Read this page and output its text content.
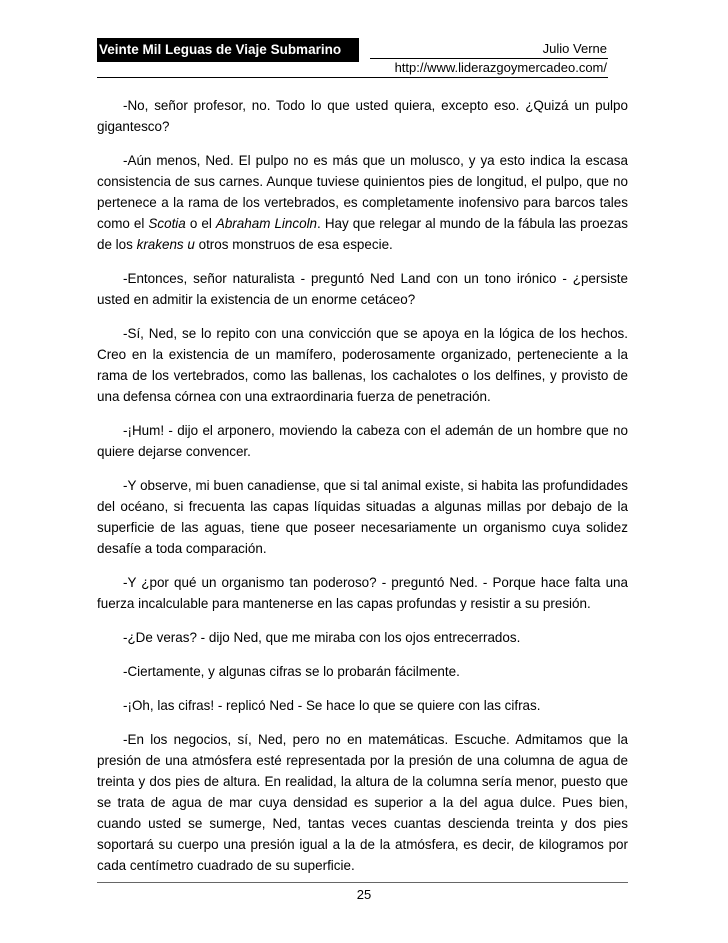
Veinte Mil Leguas de Viaje Submarino	Julio Verne
http://www.liderazgoymercadeo.com/

-No, señor profesor, no. Todo lo que usted quiera, excepto eso. ¿Quizá un pulpo gigantesco?

-Aún menos, Ned. El pulpo no es más que un molusco, y ya esto indica la escasa consistencia de sus carnes. Aunque tuviese quinientos pies de longitud, el pulpo, que no pertenece a la rama de los vertebrados, es completamente inofensivo para barcos tales como el Scotia o el Abraham Lincoln. Hay que relegar al mundo de la fábula las proezas de los krakens u otros monstruos de esa especie.

-Entonces, señor naturalista - preguntó Ned Land con un tono irónico - ¿persiste usted en admitir la existencia de un enorme cetáceo?

-Sí, Ned, se lo repito con una convicción que se apoya en la lógica de los hechos. Creo en la existencia de un mamífero, poderosamente organizado, perteneciente a la rama de los vertebrados, como las ballenas, los cachalotes o los delfines, y provisto de una defensa córnea con una extraordinaria fuerza de penetración.

-¡Hum! - dijo el arponero, moviendo la cabeza con el ademán de un hombre que no quiere dejarse convencer.

-Y observe, mi buen canadiense, que si tal animal existe, si habita las profundidades del océano, si frecuenta las capas líquidas situadas a algunas millas por debajo de la superficie de las aguas, tiene que poseer necesariamente un organismo cuya solidez desafíe a toda comparación.

-Y ¿por qué un organismo tan poderoso? - preguntó Ned. - Porque hace falta una fuerza incalculable para mantenerse en las capas profundas y resistir a su presión.

-¿De veras? - dijo Ned, que me miraba con los ojos entrecerrados.

-Ciertamente, y algunas cifras se lo probarán fácilmente.

-¡Oh, las cifras! - replicó Ned - Se hace lo que se quiere con las cifras.

-En los negocios, sí, Ned, pero no en matemáticas. Escuche. Admitamos que la presión de una atmósfera esté representada por la presión de una columna de agua de treinta y dos pies de altura. En realidad, la altura de la columna sería menor, puesto que se trata de agua de mar cuya densidad es superior a la del agua dulce. Pues bien, cuando usted se sumerge, Ned, tantas veces cuantas descienda treinta y dos pies soportará su cuerpo una presión igual a la de la atmósfera, es decir, de kilogramos por cada centímetro cuadrado de su superficie.

25
